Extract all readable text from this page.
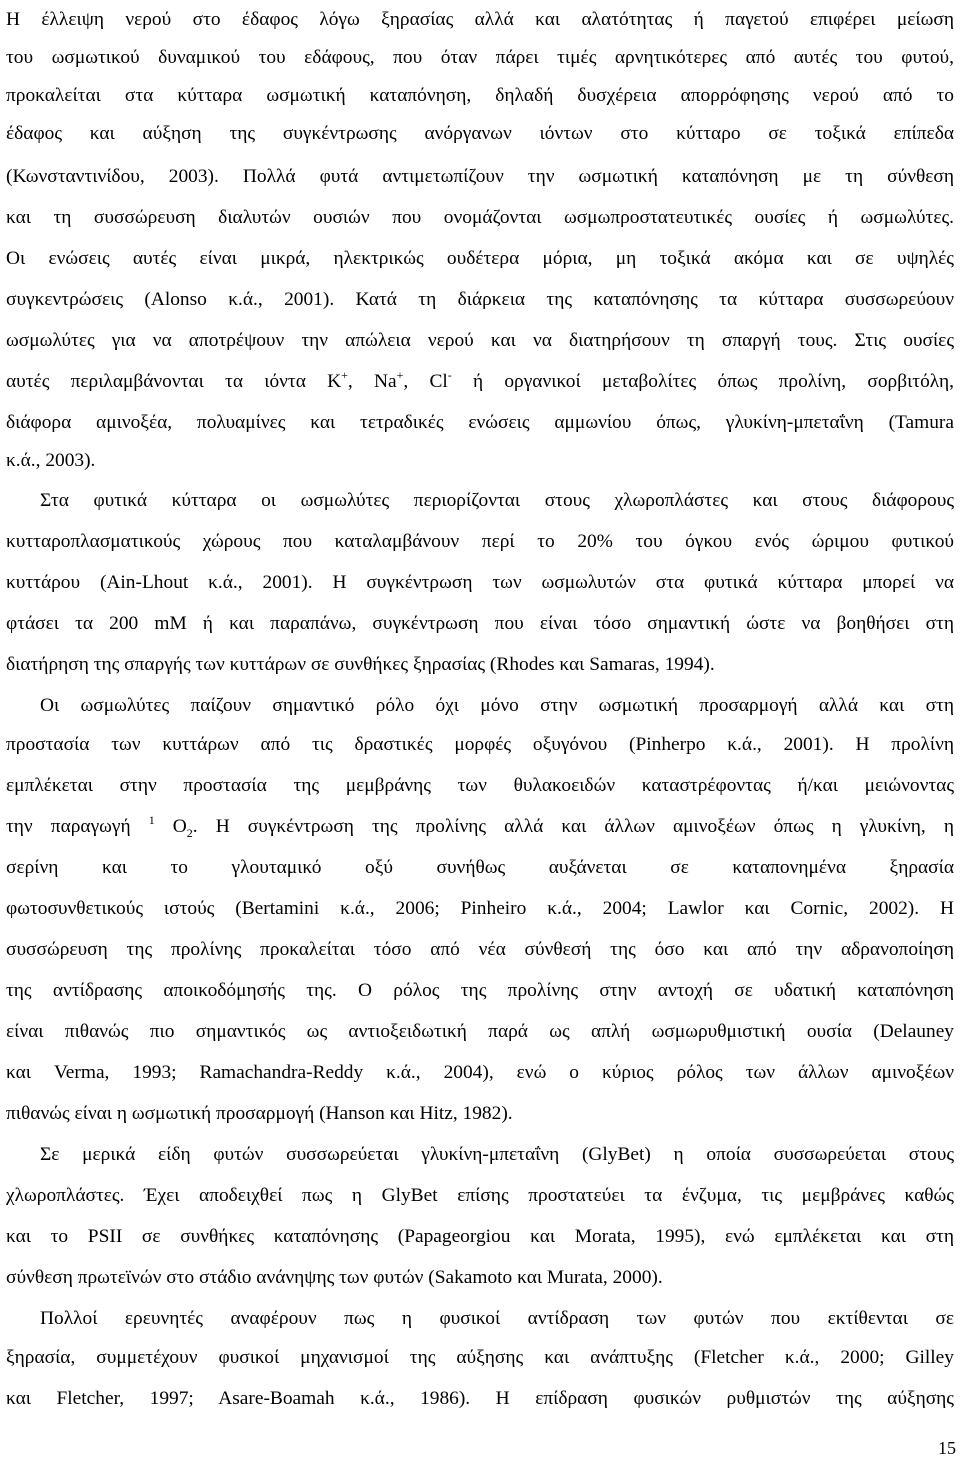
Η έλλειψη νερού στο έδαφος λόγω ξηρασίας αλλά και αλατότητας ή παγετού επιφέρει μείωση
του ωσμωτικού δυναμικού του εδάφους, που όταν πάρει τιμές αρνητικότερες από αυτές του φυτού,
προκαλείται στα κύτταρα ωσμωτική καταπόνηση, δηλαδή δυσχέρεια απορρόφησης νερού από το
έδαφος και αύξηση της συγκέντρωσης ανόργανων ιόντων στο κύτταρο σε τοξικά επίπεδα
(Κωνσταντινίδου, 2003). Πολλά φυτά αντιμετωπίζουν την ωσμωτική καταπόνηση με τη σύνθεση
και τη συσσώρευση διαλυτών ουσιών που ονομάζονται ωσμωπροστατευτικές ουσίες ή ωσμωλύτες.
Οι ενώσεις αυτές είναι μικρά, ηλεκτρικώς ουδέτερα μόρια, μη τοξικά ακόμα και σε υψηλές
συγκεντρώσεις (Alonso κ.ά., 2001). Κατά τη διάρκεια της καταπόνησης τα κύτταρα συσσωρεύουν
ωσμωλύτες για να αποτρέψουν την απώλεια νερού και να διατηρήσουν τη σπαργή τους. Στις ουσίες
αυτές περιλαμβάνονται τα ιόντα K+, Na+, Cl- ή οργανικοί μεταβολίτες όπως προλίνη, σορβιτόλη,
διάφορα αμινοξέα, πολυαμίνες και τετραδικές ενώσεις αμμωνίου όπως, γλυκίνη-μπεταΐνη (Tamura
κ.ά., 2003).
Στα φυτικά κύτταρα οι ωσμωλύτες περιορίζονται στους χλωροπλάστες και στους διάφορους
κυτταροπλασματικούς χώρους που καταλαμβάνουν περί το 20% του όγκου ενός ώριμου φυτικού
κυττάρου (Ain-Lhout κ.ά., 2001). Η συγκέντρωση των ωσμωλυτών στα φυτικά κύτταρα μπορεί να
φτάσει τα 200 mM ή και παραπάνω, συγκέντρωση που είναι τόσο σημαντική ώστε να βοηθήσει στη
διατήρηση της σπαργής των κυττάρων σε συνθήκες ξηρασίας (Rhodes και Samaras, 1994).
Οι ωσμωλύτες παίζουν σημαντικό ρόλο όχι μόνο στην ωσμωτική προσαρμογή αλλά και στη
προστασία των κυττάρων από τις δραστικές μορφές οξυγόνου (Pinherpo κ.ά., 2001). Η προλίνη
εμπλέκεται στην προστασία της μεμβράνης των θυλακοειδών καταστρέφοντας ή/και μειώνοντας
την παραγωγή $^1$ $O_2$. Η συγκέντρωση της προλίνης αλλά και άλλων αμινοξέων όπως η γλυκίνη, η
σερίνη και το γλουταμικό οξύ συνήθως αυξάνεται σε καταπονημένα ξηρασία
φωτοσυνθετικούς ιστούς (Bertamini κ.ά., 2006; Pinheiro κ.ά., 2004; Lawlor και Cornic, 2002). Η
συσσώρευση της προλίνης προκαλείται τόσο από νέα σύνθεσή της όσο και από την αδρανοποίηση
της αντίδρασης αποικοδόμησής της. Ο ρόλος της προλίνης στην αντοχή σε υδατική καταπόνηση
είναι πιθανώς πιο σημαντικός ως αντιοξειδωτική παρά ως απλή ωσμωρυθμιστική ουσία (Delauney
και Verma, 1993; Ramachandra-Reddy κ.ά., 2004), ενώ ο κύριος ρόλος των άλλων αμινοξέων
πιθανώς είναι η ωσμωτική προσαρμογή (Hanson και Hitz, 1982).
Σε μερικά είδη φυτών συσσωρεύεται γλυκίνη-μπεταΐνη (GlyBet) η οποία συσσωρεύεται στους
χλωροπλάστες. Έχει αποδειχθεί πως η GlyBet επίσης προστατεύει τα ένζυμα, τις μεμβράνες καθώς
και το PSII σε συνθήκες καταπόνησης (Papageorgiou και Morata, 1995), ενώ εμπλέκεται και στη
σύνθεση πρωτεϊνών στο στάδιο ανάνηψης των φυτών (Sakamoto και Murata, 2000).
Πολλοί ερευνητές αναφέρουν πως η φυσικοί αντίδραση των φυτών που εκτίθενται σε
ξηρασία, συμμετέχουν φυσικοί μηχανισμοί της αύξησης και ανάπτυξης (Fletcher κ.ά., 2000; Gilley
και Fletcher, 1997; Asare-Boamah κ.ά., 1986). Η επίδραση φυσικών ρυθμιστών της αύξησης
15
